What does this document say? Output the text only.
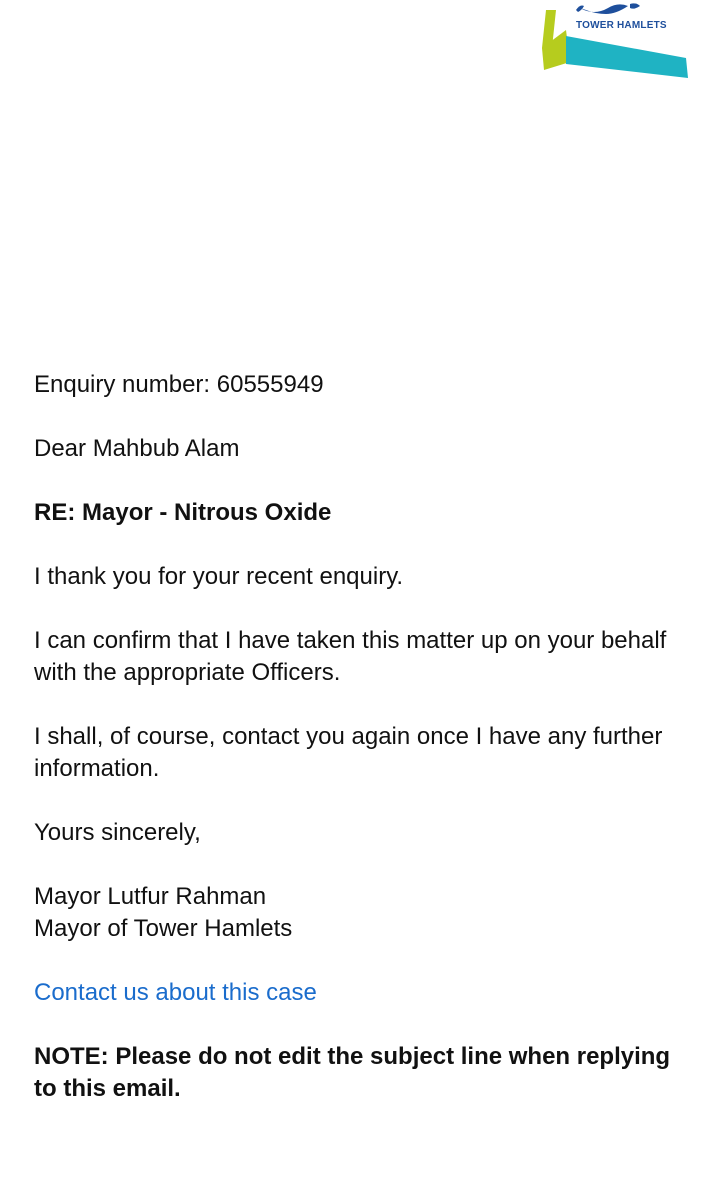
TOWER HAMLETS

Enquiry number: 60555949

Dear Mahbub Alam

RE: Mayor - Nitrous Oxide

I thank you for your recent enquiry.

I can confirm that I have taken this matter up on your behalf with the appropriate Officers.

I shall, of course, contact you again once I have any further information.

Yours sincerely,

Mayor Lutfur Rahman
Mayor of Tower Hamlets

Contact us about this case

NOTE: Please do not edit the subject line when replying to this email.
